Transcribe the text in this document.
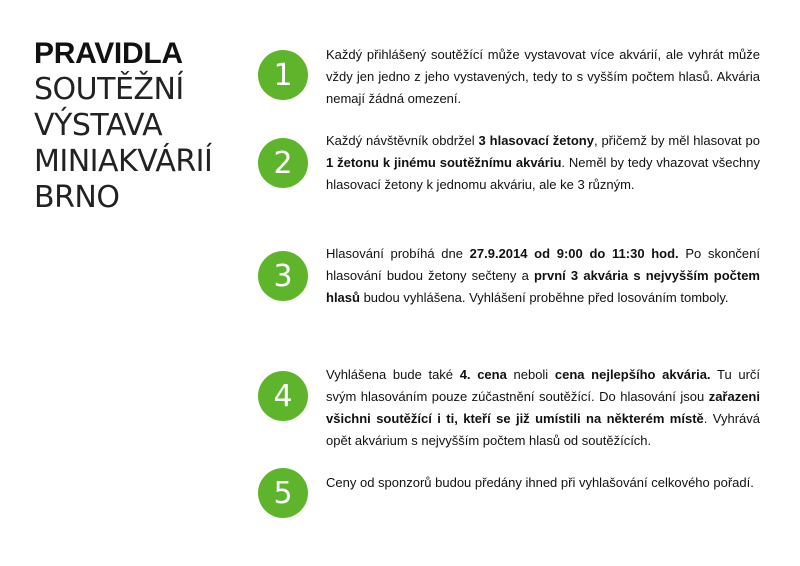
PRAVIDLA
SOUTĚŽNÍ
VÝSTAVA
MINIAKVÁRIÍ
BRNO
1
Každý přihlášený soutěžící může vystavovat více akvárií, ale vyhrát může vždy jen jedno z jeho vystavených, tedy to s vyšším počtem hlasů. Akvária nemají žádná omezení.
2
Každý návštěvník obdržel 3 hlasovací žetony, přičemž by měl hlasovat po 1 žetonu k jinému soutěžnímu akváriu. Neměl by tedy vhazovat všechny hlasovací žetony k jednomu akváriu, ale ke 3 různým.
3
Hlasování probíhá dne 27.9.2014 od 9:00 do 11:30 hod. Po skončení hlasování budou žetony sečteny a první 3 akvária s nejvyšším počtem hlasů budou vyhlášena. Vyhlášení proběhne před losováním tomboly.
4
Vyhlášena bude také 4. cena neboli cena nejlepšího akvária. Tu určí svým hlasováním pouze zúčastnění soutěžící. Do hlasování jsou zařazeni všichni soutěžící i ti, kteří se již umístili na některém místě. Vyhrává opět akvárium s nejvyšším počtem hlasů od soutěžících.
5	Ceny od sponzorů budou předány ihned při vyhlašování celkového pořadí.
